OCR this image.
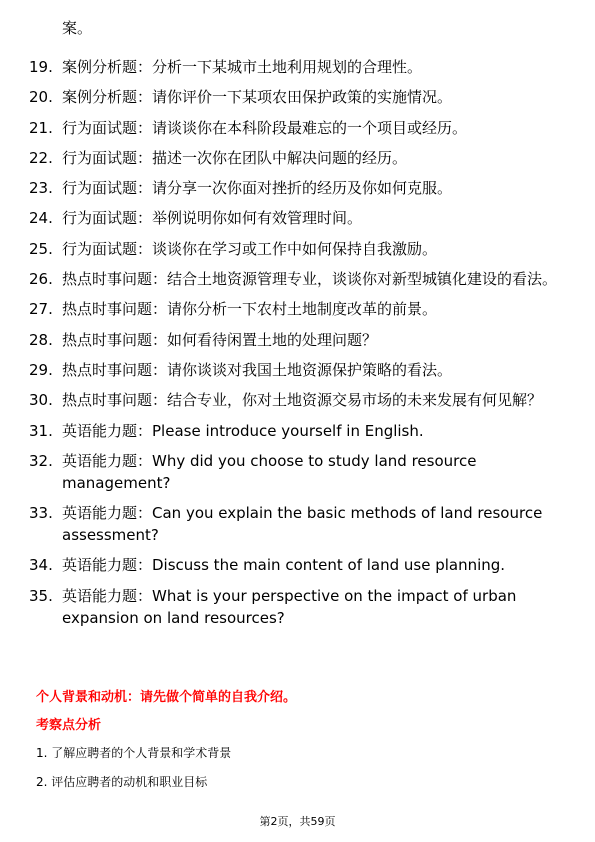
案。
19. 案例分析题：分析一下某城市土地利用规划的合理性。
20. 案例分析题：请你评价一下某项农田保护政策的实施情况。
21. 行为面试题：请谈谈你在本科阶段最难忘的一个项目或经历。
22. 行为面试题：描述一次你在团队中解决问题的经历。
23. 行为面试题：请分享一次你面对挫折的经历及你如何克服。
24. 行为面试题：举例说明你如何有效管理时间。
25. 行为面试题：谈谈你在学习或工作中如何保持自我激励。
26. 热点时事问题：结合土地资源管理专业，谈谈你对新型城镇化建设的看法。
27. 热点时事问题：请你分析一下农村土地制度改革的前景。
28. 热点时事问题：如何看待闲置土地的处理问题？
29. 热点时事问题：请你谈谈对我国土地资源保护策略的看法。
30. 热点时事问题：结合专业，你对土地资源交易市场的未来发展有何见解？
31. 英语能力题：Please introduce yourself in English.
32. 英语能力题：Why did you choose to study land resource management?
33. 英语能力题：Can you explain the basic methods of land resource assessment?
34. 英语能力题：Discuss the main content of land use planning.
35. 英语能力题：What is your perspective on the impact of urban expansion on land resources?
个人背景和动机：请先做个简单的自我介绍。
考察点分析
1. 了解应聘者的个人背景和学术背景
2. 评估应聘者的动机和职业目标
第2页，共59页
